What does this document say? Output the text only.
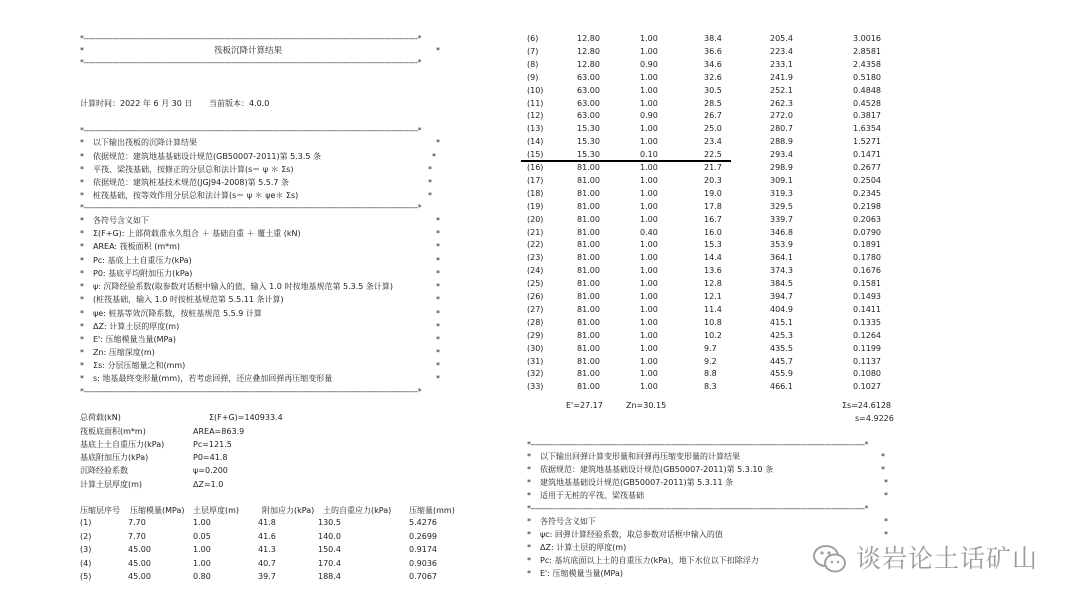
*--------------------------------------------------------------------------------------------------------------------------------------------*
*	筏板沉降计算结果	*
*--------------------------------------------------------------------------------------------------------------------------------------------*
计算时间：2022 年 6 月 30 日 当前版本：4.0.0
*--------------------------------------------------------------------------------------------------------------------------------------------*
* 以下输出筏板的沉降计算结果	*
* 依据规范：建筑地基基础设计规范(GB50007-2011)第 5.3.5 条	*
* 平筏、梁筏基础，按修正的分层总和法计算(s＝ ψ ＊ Σs)	*
* 依据规范：建筑桩基技术规范(JGJ94-2008)第 5.5.7 条	*
* 桩筏基础，按等效作用分层总和法计算(s＝ ψ ＊ ψe＊ Σs)	*
*--------------------------------------------------------------------------------------------------------------------------------------------*
* 各符号含义如下	*
* Σ(F+G): 上部荷载准永久组合 ＋ 基础自重 ＋ 覆土重 (kN)	*
* AREA: 筏板面积 (m*m)	*
* Pc: 基底上土自重压力(kPa)	*
* P0: 基底平均附加压力(kPa)	*
* ψ: 沉降经验系数(取参数对话框中输入的值，输入 1.0 时按地基规范第 5.3.5 条计算)	*
* (桩筏基础，输入 1.0 时按桩基规范第 5.5.11 条计算)	*
* ψe: 桩基等效沉降系数，按桩基规范 5.5.9 计算	*
* ΔZ: 计算土层的厚度(m)	*
* E': 压缩模量当量(MPa)	*
* Zn: 压缩深度(m)	*
* Σs: 分层压缩量之和(mm)	*
* s: 地基最终变形量(mm)，若考虑回弹，还应叠加回弹再压缩变形量	*
*--------------------------------------------------------------------------------------------------------------------------------------------*
总荷载(kN)	Σ(F+G)=140933.4
筏板底面积(m*m)	AREA=863.9
基底上土自重压力(kPa)	Pc=121.5
基底附加压力(kPa)	P0=41.8
沉降经验系数	ψ=0.200
计算土层厚度(m)	ΔZ=1.0
压缩层序号 压缩模量(MPa) 土层厚度(m)	附加应力(kPa) 土的自重应力(kPa) 压缩量(mm)
(1)	7.70	1.00	41.8	130.5	5.4276
(2)	7.70	0.05	41.6	140.0	0.2699
(3)	45.00	1.00	41.3	150.4	0.9174
(4)	45.00	1.00	40.7	170.4	0.9036
(5)	45.00	0.80	39.7	188.4	0.7067
(6)	12.80	1.00	38.4	205.4	3.0016
(7)	12.80	1.00	36.6	223.4	2.8581
(8)	12.80	0.90	34.6	233.1	2.4358
(9)	63.00	1.00	32.6	241.9	0.5180
(10)	63.00	1.00	30.5	252.1	0.4848
(11)	63.00	1.00	28.5	262.3	0.4528
(12)	63.00	0.90	26.7	272.0	0.3817
(13)	15.30	1.00	25.0	280.7	1.6354
(14)	15.30	1.00	23.4	288.9	1.5271
(15)	15.30	0.10	22.5	293.4	0.1471
(16)	81.00	1.00	21.7	298.9	0.2677
(17)	81.00	1.00	20.3	309.1	0.2504
(18)	81.00	1.00	19.0	319.3	0.2345
(19)	81.00	1.00	17.8	329.5	0.2198
(20)	81.00	1.00	16.7	339.7	0.2063
(21)	81.00	0.40	16.0	346.8	0.0790
(22)	81.00	1.00	15.3	353.9	0.1891
(23)	81.00	1.00	14.4	364.1	0.1780
(24)	81.00	1.00	13.6	374.3	0.1676
(25)	81.00	1.00	12.8	384.5	0.1581
(26)	81.00	1.00	12.1	394.7	0.1493
(27)	81.00	1.00	11.4	404.9	0.1411
(28)	81.00	1.00	10.8	415.1	0.1335
(29)	81.00	1.00	10.2	425.3	0.1264
(30)	81.00	1.00	9.7	435.5	0.1199
(31)	81.00	1.00	9.2	445.7	0.1137
(32)	81.00	1.00	8.8	455.9	0.1080
(33)	81.00	1.00	8.3	466.1	0.1027
E'=27.17	Zn=30.15	Σs=24.6128
s=4.9226
*--------------------------------------------------------------------------------------------------------------------------------------------*
* 以下输出回弹计算变形量和回弹再压缩变形量的计算结果	*
* 依据规范：建筑地基基础设计规范(GB50007-2011)第 5.3.10 条	*
* 建筑地基基础设计规范(GB50007-2011)第 5.3.11 条	*
* 适用于无桩的平筏、梁筏基础	*
*--------------------------------------------------------------------------------------------------------------------------------------------*
* 各符号含义如下	*
* ψc: 回弹计算经验系数，取总参数对话框中输入的值	*
* ΔZ: 计算土层的厚度(m)
* Pc: 基坑底面以上土的自重压力(kPa)，地下水位以下扣除浮力
* E': 压缩模量当量(MPa)
谈岩论土话矿山
